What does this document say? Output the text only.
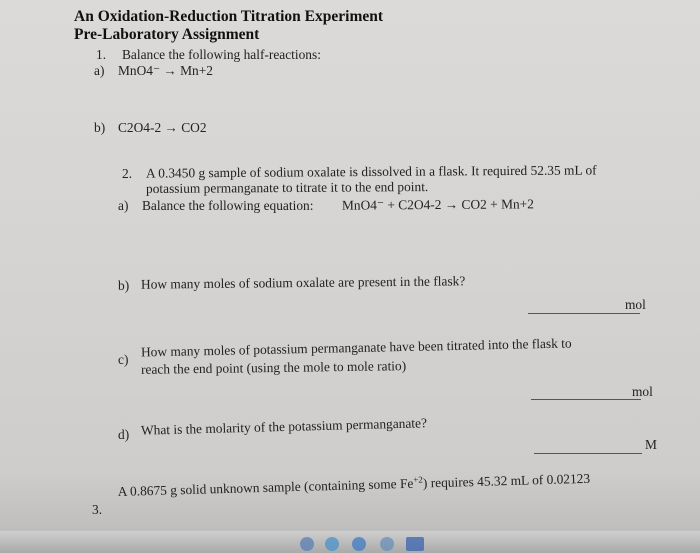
An Oxidation-Reduction Titration Experiment
Pre-Laboratory Assignment
1. Balance the following half-reactions:
a) MnO4⁻ → Mn+2
b) C2O4-2 → CO2
2. A 0.3450 g sample of sodium oxalate is dissolved in a flask. It required 52.35 mL of
potassium permanganate to titrate it to the end point.
a) Balance the following equation: MnO4⁻ + C2O4-2 → CO2 + Mn+2
b) How many moles of sodium oxalate are present in the flask?
mol
c) How many moles of potassium permanganate have been titrated into the flask to
reach the end point (using the mole to mole ratio)
mol
d) What is the molarity of the potassium permanganate?
M
3.
A 0.8675 g solid unknown sample (containing some $Fe^{+2}$) requires 45.32 mL of 0.02123
